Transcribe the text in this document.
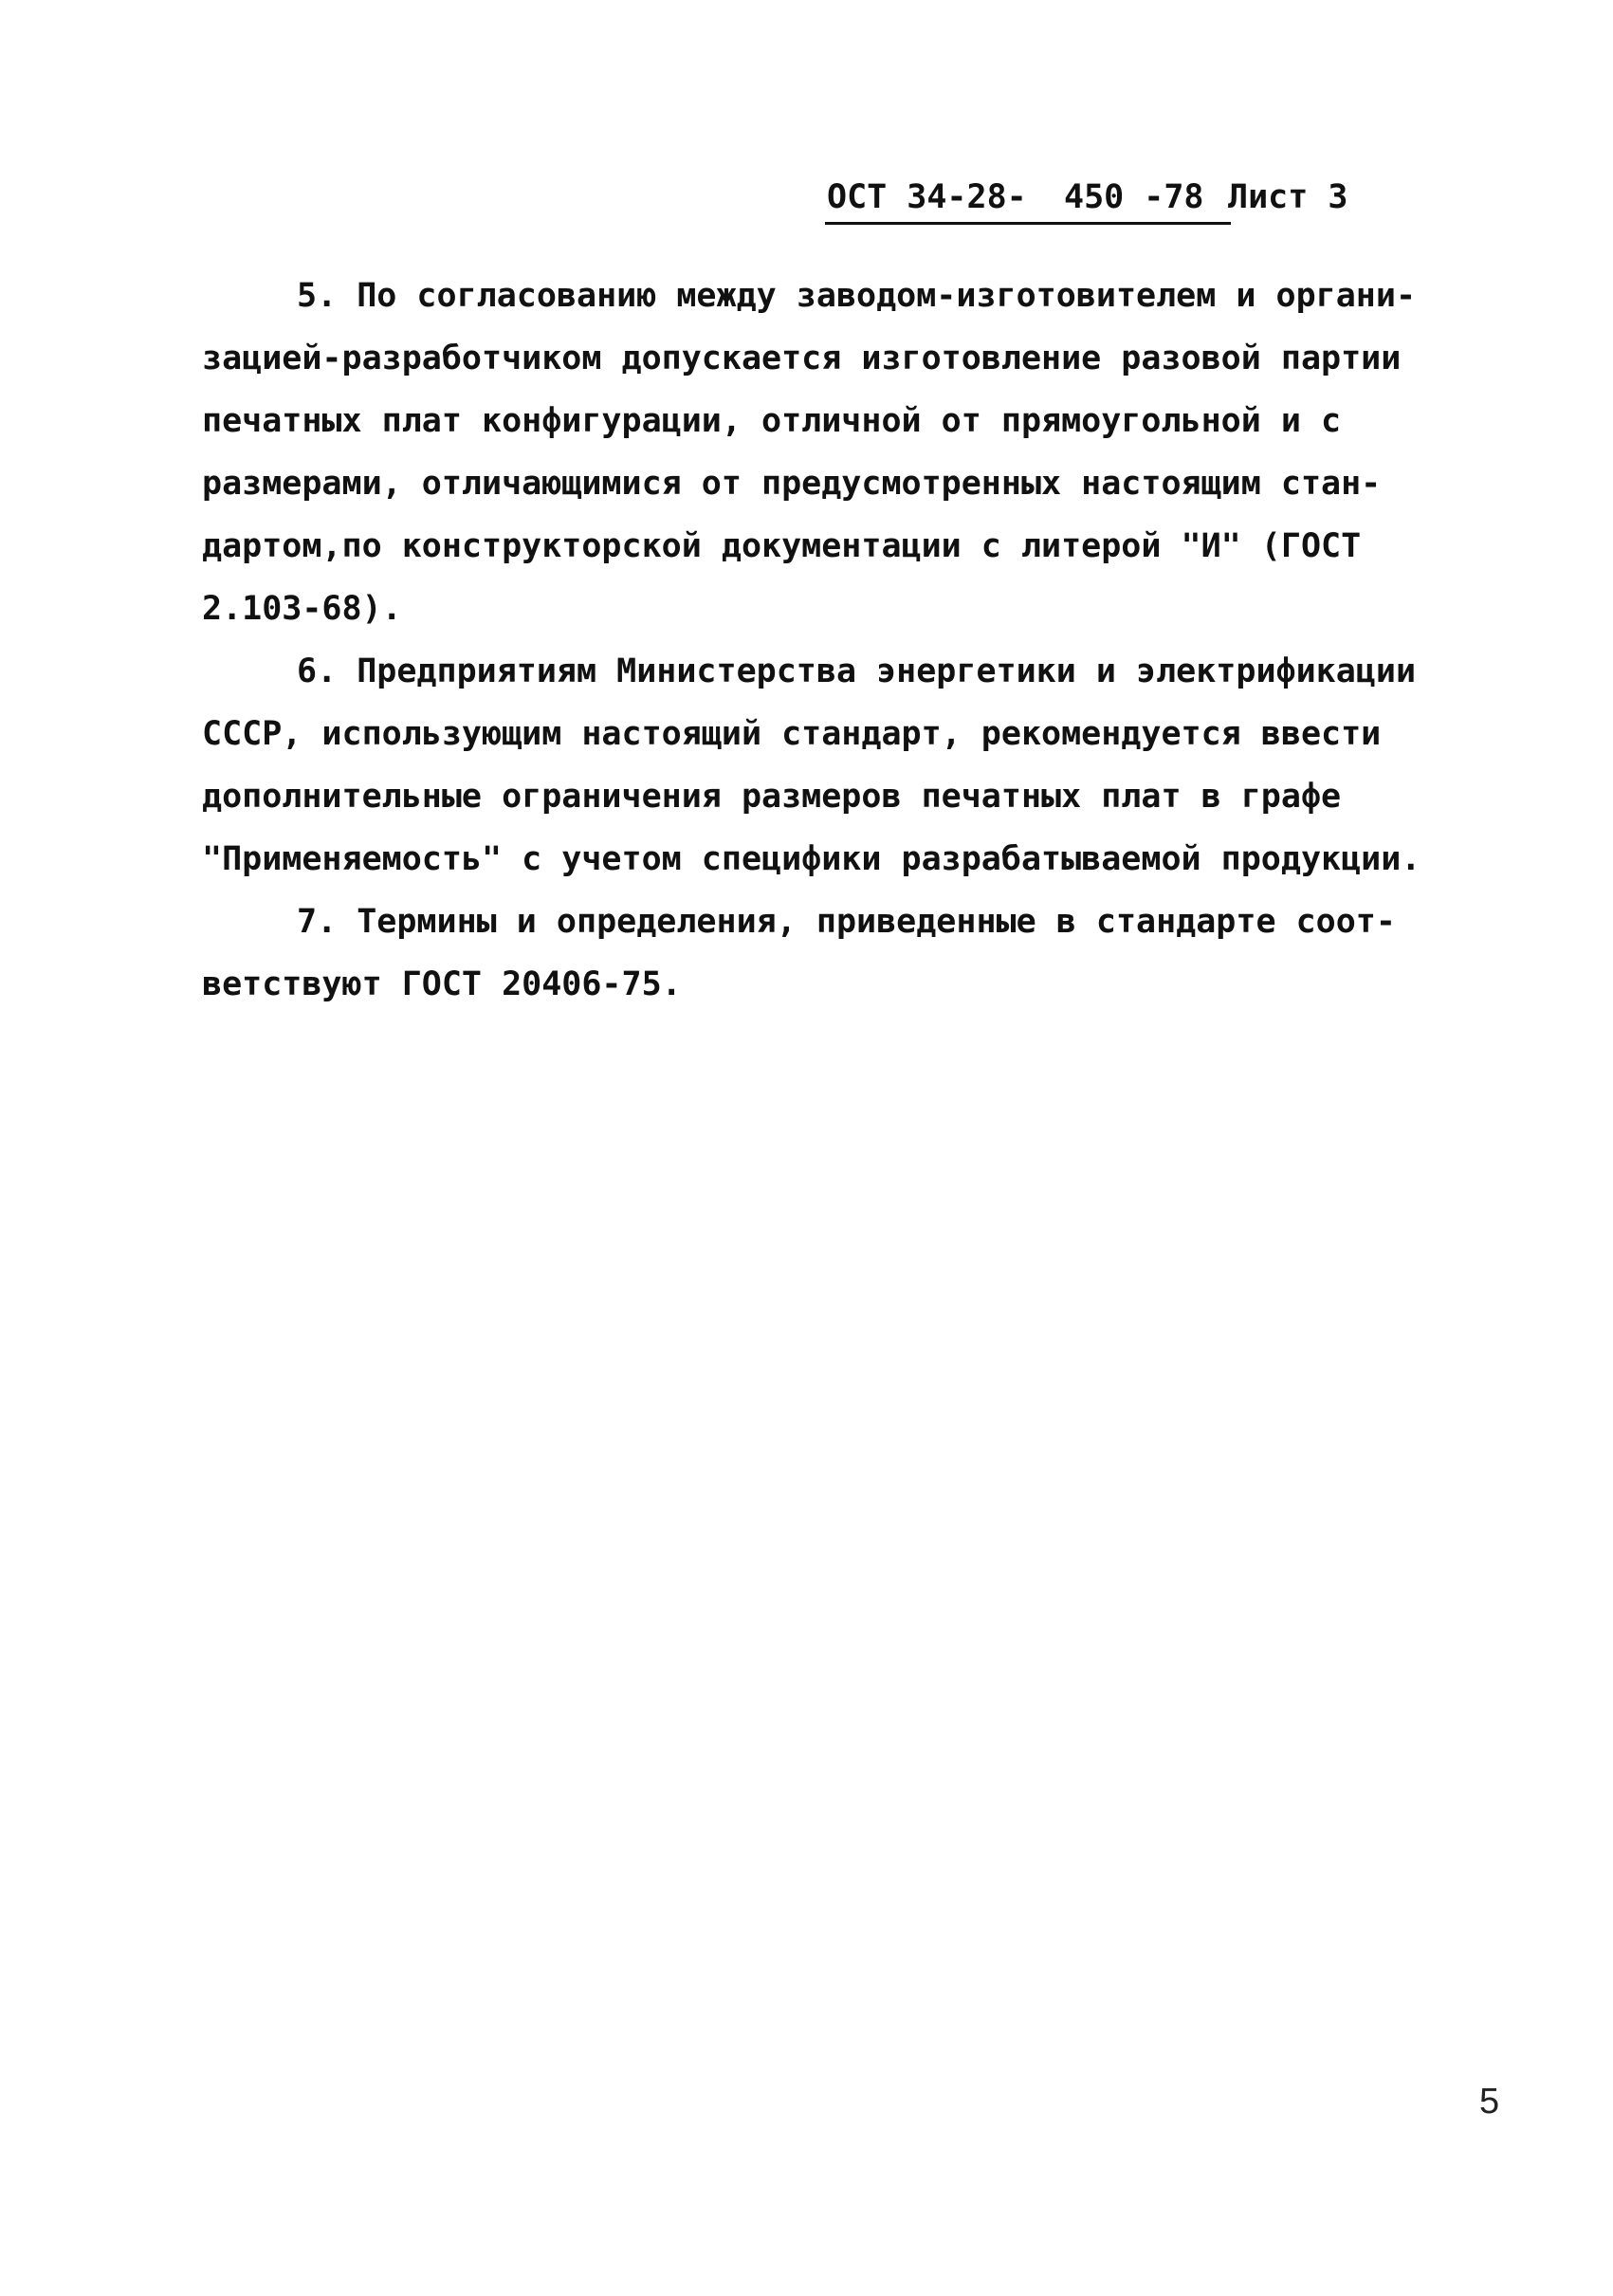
ОСТ 34-28- 450 -78 Лист 3
5. По согласованию между заводом-изготовителем и органи-
зацией-разработчиком допускается изготовление разовой партии
печатных плат конфигурации, отличной от прямоугольной и с
размерами, отличающимися от предусмотренных настоящим стан-
дартом,по конструкторской документации с литерой "И" (ГОСТ
2.103-68).
6. Предприятиям Министерства энергетики и электрификации
СССР, использующим настоящий стандарт, рекомендуется ввести
дополнительные ограничения размеров печатных плат в графе
"Применяемость" с учетом специфики разрабатываемой продукции.
7. Термины и определения, приведенные в стандарте соот-
ветствуют ГОСТ 20406-75.
5
